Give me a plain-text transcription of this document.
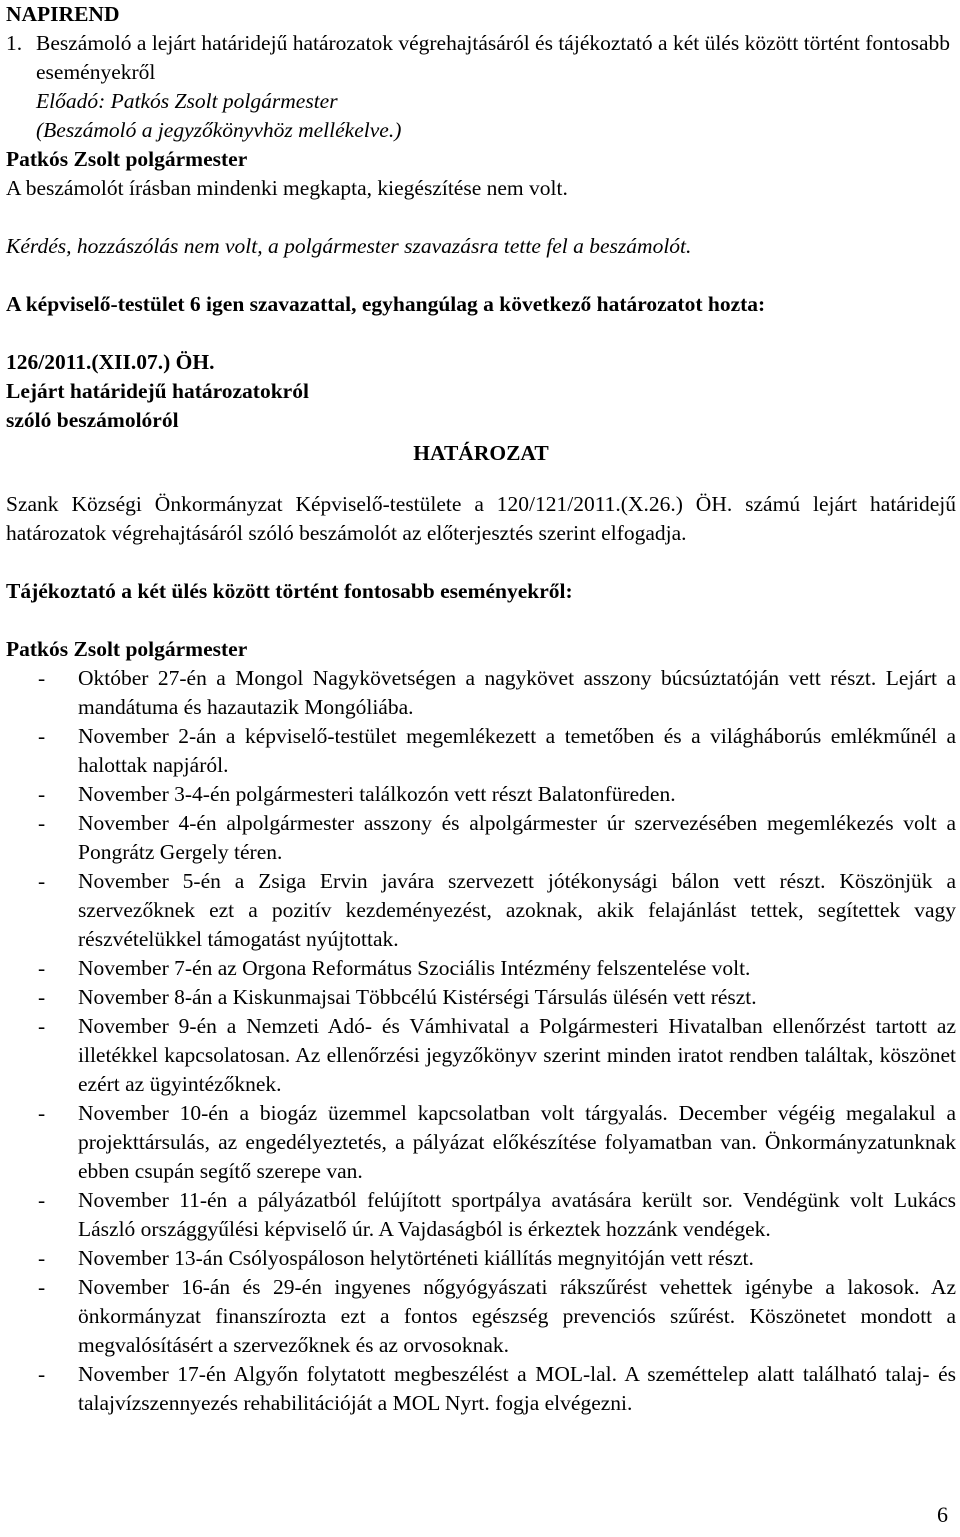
NAPIREND

1. Beszámoló a lejárt határidejű határozatok végrehajtásáról és tájékoztató a két ülés között történt fontosabb eseményekről

Előadó: Patkós Zsolt polgármester

(Beszámoló a jegyzőkönyvhöz mellékelve.)

Patkós Zsolt polgármester

A beszámolót írásban mindenki megkapta, kiegészítése nem volt.

Kérdés, hozzászólás nem volt, a polgármester szavazásra tette fel a beszámolót.

A képviselő-testület 6 igen szavazattal, egyhangúlag a következő határozatot hozta:

126/2011.(XII.07.) ÖH.

Lejárt határidejű határozatokról

szóló beszámolóról

HATÁROZAT

Szank Községi Önkormányzat Képviselő-testülete a 120/121/2011.(X.26.) ÖH. számú lejárt határidejű határozatok végrehajtásáról szóló beszámolót az előterjesztés szerint elfogadja.

Tájékoztató a két ülés között történt fontosabb eseményekről:

Patkós Zsolt polgármester

-	Október 27-én a Mongol Nagykövetségen a nagykövet asszony búcsúztatóján vett részt. Lejárt a mandátuma és hazautazik Mongóliába.
-	November 2-án a képviselő-testület megemlékezett a temetőben és a világháborús emlékműnél a halottak napjáról.
-	November 3-4-én polgármesteri találkozón vett részt Balatonfüreden.
-	November 4-én alpolgármester asszony és alpolgármester úr szervezésében megemlékezés volt a Pongrátz Gergely téren.
-	November 5-én a Zsiga Ervin javára szervezett jótékonysági bálon vett részt. Köszönjük a szervezőknek ezt a pozitív kezdeményezést, azoknak, akik felajánlást tettek, segítettek vagy részvételükkel támogatást nyújtottak.
-	November 7-én az Orgona Református Szociális Intézmény felszentelése volt.
-	November 8-án a Kiskunmajsai Többcélú Kistérségi Társulás ülésén vett részt.
-	November 9-én a Nemzeti Adó- és Vámhivatal a Polgármesteri Hivatalban ellenőrzést tartott az illetékkel kapcsolatosan. Az ellenőrzési jegyzőkönyv szerint minden iratot rendben találtak, köszönet ezért az ügyintézőknek.
-	November 10-én a biogáz üzemmel kapcsolatban volt tárgyalás. December végéig megalakul a projekttársulás, az engedélyeztetés, a pályázat előkészítése folyamatban van. Önkormányzatunknak ebben csupán segítő szerepe van.
-	November 11-én a pályázatból felújított sportpálya avatására került sor. Vendégünk volt Lukács László országgyűlési képviselő úr. A Vajdaságból is érkeztek hozzánk vendégek.
-	November 13-án Csólyospáloson helytörténeti kiállítás megnyitóján vett részt.
-	November 16-án és 29-én ingyenes nőgyógyászati rákszűrést vehettek igénybe a lakosok. Az önkormányzat finanszírozta ezt a fontos egészség prevenciós szűrést. Köszönetet mondott a megvalósításért a szervezőknek és az orvosoknak.
-	November 17-én Algyőn folytatott megbeszélést a MOL-lal. A szeméttelep alatt található talaj- és talajvízszennyezés rehabilitációját a MOL Nyrt. fogja elvégezni.
6
